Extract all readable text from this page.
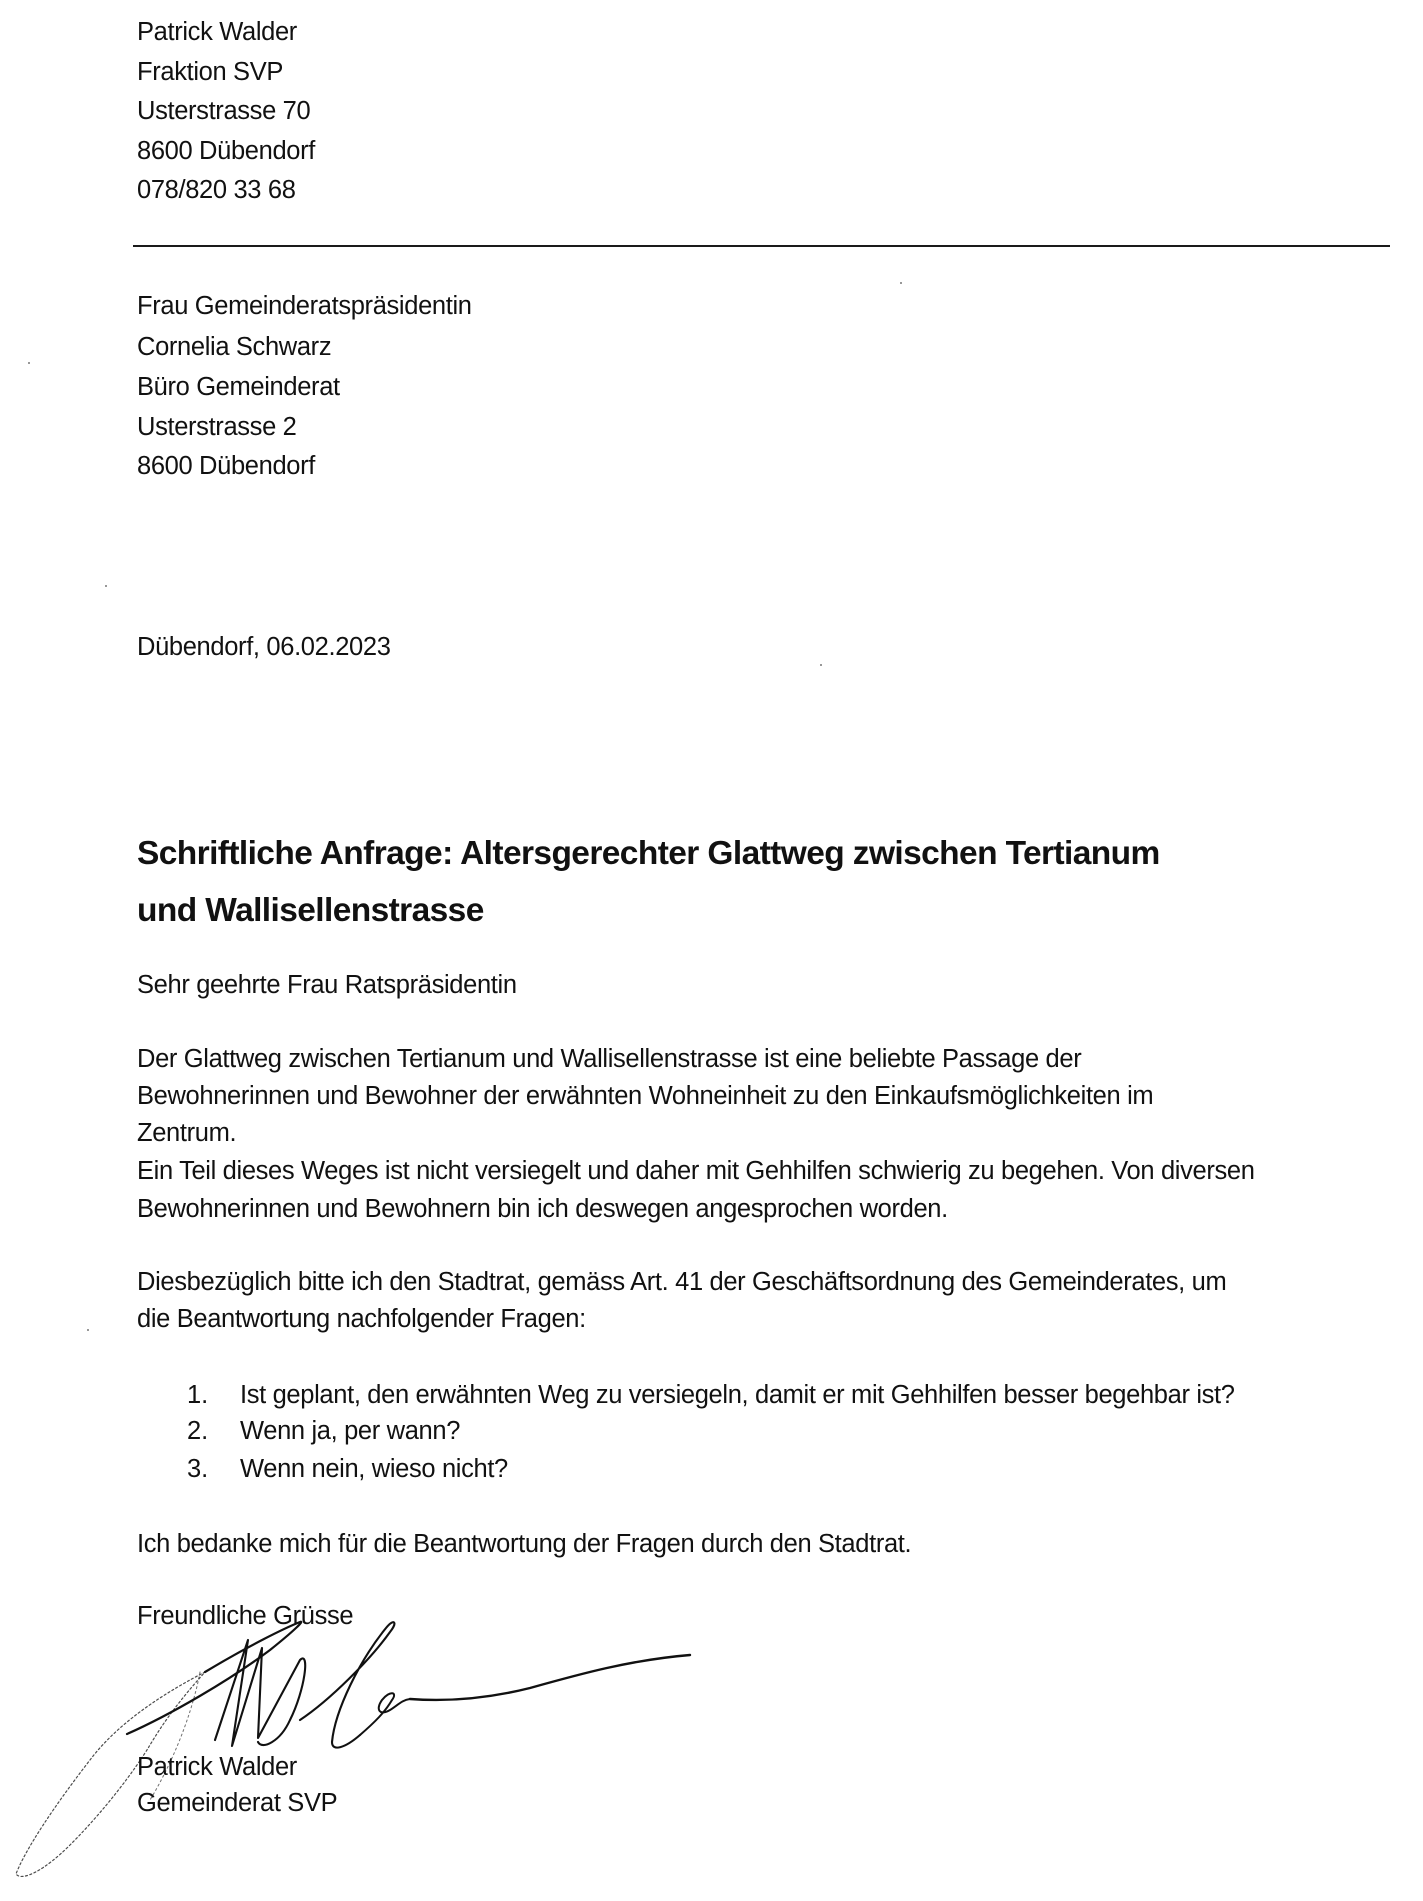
Patrick Walder
Fraktion SVP
Usterstrasse 70
8600 Dübendorf
078/820 33 68
Frau Gemeinderatspräsidentin
Cornelia Schwarz
Büro Gemeinderat
Usterstrasse 2
8600 Dübendorf
Dübendorf, 06.02.2023
Schriftliche Anfrage: Altersgerechter Glattweg zwischen Tertianum
und Wallisellenstrasse
Sehr geehrte Frau Ratspräsidentin
Der Glattweg zwischen Tertianum und Wallisellenstrasse ist eine beliebte Passage der
Bewohnerinnen und Bewohner der erwähnten Wohneinheit zu den Einkaufsmöglichkeiten im
Zentrum.
Ein Teil dieses Weges ist nicht versiegelt und daher mit Gehhilfen schwierig zu begehen. Von diversen
Bewohnerinnen und Bewohnern bin ich deswegen angesprochen worden.
Diesbezüglich bitte ich den Stadtrat, gemäss Art. 41 der Geschäftsordnung des Gemeinderates, um
die Beantwortung nachfolgender Fragen:
1. Ist geplant, den erwähnten Weg zu versiegeln, damit er mit Gehhilfen besser begehbar ist?
2. Wenn ja, per wann?
3. Wenn nein, wieso nicht?
Ich bedanke mich für die Beantwortung der Fragen durch den Stadtrat.
Freundliche Grüsse
Patrick Walder
Gemeinderat SVP
